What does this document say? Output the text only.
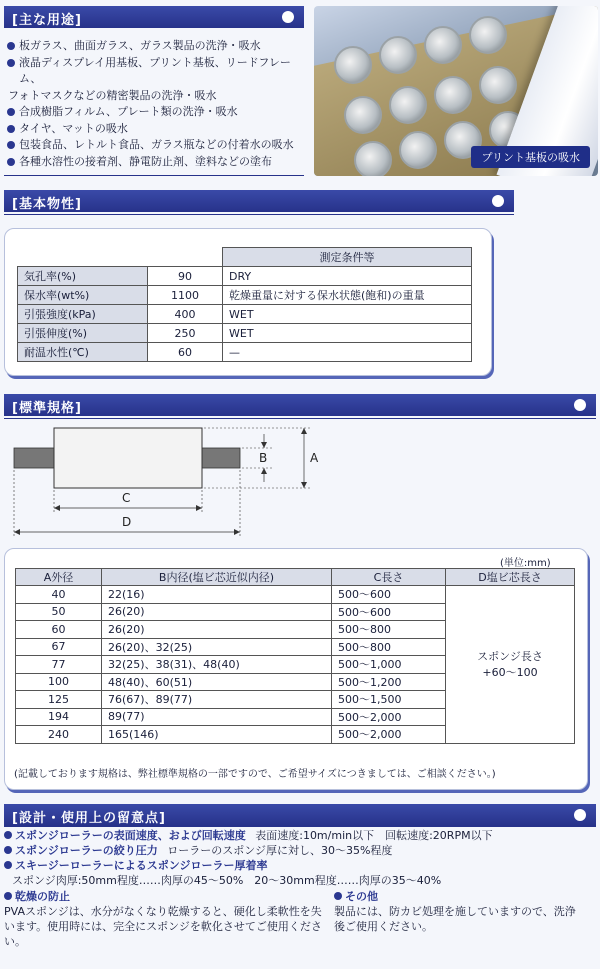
[主な用途]
板ガラス、曲面ガラス、ガラス製品の洗浄・吸水
液晶ディスプレイ用基板、プリント基板、リードフレーム、
フォトマスクなどの精密製品の洗浄・吸水
合成樹脂フィルム、プレート類の洗浄・吸水
タイヤ、マットの吸水
包装食品、レトルト食品、ガラス瓶などの付着水の吸水
各種水溶性の接着剤、静電防止剤、塗料などの塗布	プリント基板の吸水
[基本物性]
		測定条件等
気孔率(%)	90	DRY
保水率(wt%)	1100	乾燥重量に対する保水状態(飽和)の重量
引張強度(kPa)	400	WET
引張伸度(%)	250	WET
耐温水性(℃)	60	—
[標準規格]
B	A
C
D
(単位:mm)
A外径	B内径(塩ビ芯近似内径)	C長さ	D塩ビ芯長さ
40	22(16)	500～600	スポンジ長さ
+60～100

50	26(20)	500～600	
60	26(20)	500～800	
67	26(20)、32(25)	500～800	
77	32(25)、38(31)、48(40)	500～1,000	
100	48(40)、60(51)	500～1,200	
125	76(67)、89(77)	500～1,500	
194	89(77)	500～2,000	
240	165(146)	500～2,000	
(記載しております規格は、弊社標準規格の一部ですので、ご希望サイズにつきましては、ご相談ください。)
[設計・使用上の留意点]
スポンジローラーの表面速度、および回転速度 表面速度:10m/min以下　回転速度:20RPM以下
スポンジローラーの絞り圧力 ローラーのスポンジ厚に対し、30～35%程度
スキージーローラーによるスポンジローラー厚着率
スポンジ肉厚:50mm程度……肉厚の45～50%　20～30mm程度……肉厚の35～40%
乾燥の防止
PVAスポンジは、水分がなくなり乾燥すると、硬化し柔軟性を失います。使用時には、完全にスポンジを軟化させてご使用ください。
その他
製品には、防カビ処理を施していますので、洗浄後ご使用ください。
